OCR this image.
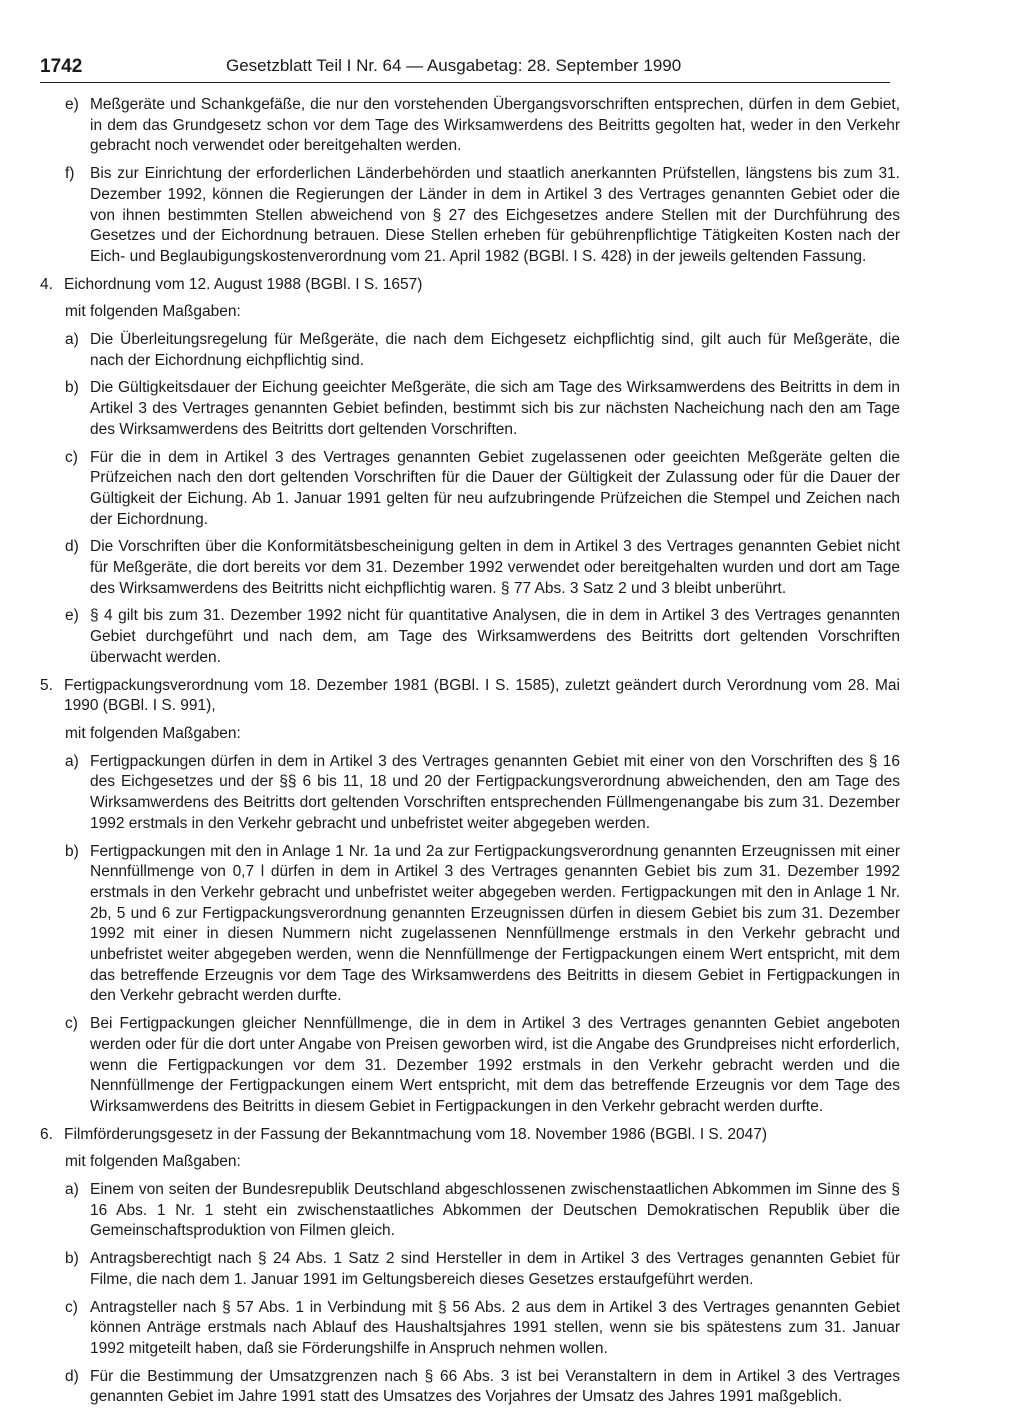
1742	Gesetzblatt Teil I Nr. 64 — Ausgabetag: 28. September 1990
e) Meßgeräte und Schankgefäße, die nur den vorstehenden Übergangsvorschriften entsprechen, dürfen in dem Gebiet, in dem das Grundgesetz schon vor dem Tage des Wirksamwerdens des Beitritts gegolten hat, weder in den Verkehr gebracht noch verwendet oder bereitgehalten werden.
f) Bis zur Einrichtung der erforderlichen Länderbehörden und staatlich anerkannten Prüfstellen, längstens bis zum 31. Dezember 1992, können die Regierungen der Länder in dem in Artikel 3 des Vertrages genannten Gebiet oder die von ihnen bestimmten Stellen abweichend von § 27 des Eichgesetzes andere Stellen mit der Durchführung des Gesetzes und der Eichordnung betrauen. Diese Stellen erheben für gebührenpflichtige Tätigkeiten Kosten nach der Eich- und Beglaubigungskostenverordnung vom 21. April 1982 (BGBl. I S. 428) in der jeweils geltenden Fassung.
4. Eichordnung vom 12. August 1988 (BGBl. I S. 1657)
mit folgenden Maßgaben:
a) Die Überleitungsregelung für Meßgeräte, die nach dem Eichgesetz eichpflichtig sind, gilt auch für Meßgeräte, die nach der Eichordnung eichpflichtig sind.
b) Die Gültigkeitsdauer der Eichung geeichter Meßgeräte, die sich am Tage des Wirksamwerdens des Beitritts in dem in Artikel 3 des Vertrages genannten Gebiet befinden, bestimmt sich bis zur nächsten Nacheichung nach den am Tage des Wirksamwerdens des Beitritts dort geltenden Vorschriften.
c) Für die in dem in Artikel 3 des Vertrages genannten Gebiet zugelassenen oder geeichten Meßgeräte gelten die Prüfzeichen nach den dort geltenden Vorschriften für die Dauer der Gültigkeit der Zulassung oder für die Dauer der Gültigkeit der Eichung. Ab 1. Januar 1991 gelten für neu aufzubringende Prüfzeichen die Stempel und Zeichen nach der Eichordnung.
d) Die Vorschriften über die Konformitätsbescheinigung gelten in dem in Artikel 3 des Vertrages genannten Gebiet nicht für Meßgeräte, die dort bereits vor dem 31. Dezember 1992 verwendet oder bereitgehalten wurden und dort am Tage des Wirksamwerdens des Beitritts nicht eichpflichtig waren. § 77 Abs. 3 Satz 2 und 3 bleibt unberührt.
e) § 4 gilt bis zum 31. Dezember 1992 nicht für quantitative Analysen, die in dem in Artikel 3 des Vertrages genannten Gebiet durchgeführt und nach dem, am Tage des Wirksamwerdens des Beitritts dort geltenden Vorschriften überwacht werden.
5. Fertigpackungsverordnung vom 18. Dezember 1981 (BGBl. I S. 1585), zuletzt geändert durch Verordnung vom 28. Mai 1990 (BGBl. I S. 991),
mit folgenden Maßgaben:
a) Fertigpackungen dürfen in dem in Artikel 3 des Vertrages genannten Gebiet mit einer von den Vorschriften des § 16 des Eichgesetzes und der §§ 6 bis 11, 18 und 20 der Fertigpackungsverordnung abweichenden, den am Tage des Wirksamwerdens des Beitritts dort geltenden Vorschriften entsprechenden Füllmengenangabe bis zum 31. Dezember 1992 erstmals in den Verkehr gebracht und unbefristet weiter abgegeben werden.
b) Fertigpackungen mit den in Anlage 1 Nr. 1a und 2a zur Fertigpackungsverordnung genannten Erzeugnissen mit einer Nennfüllmenge von 0,7 l dürfen in dem in Artikel 3 des Vertrages genannten Gebiet bis zum 31. Dezember 1992 erstmals in den Verkehr gebracht und unbefristet weiter abgegeben werden. Fertigpackungen mit den in Anlage 1 Nr. 2b, 5 und 6 zur Fertigpackungsverordnung genannten Erzeugnissen dürfen in diesem Gebiet bis zum 31. Dezember 1992 mit einer in diesen Nummern nicht zugelassenen Nennfüllmenge erstmals in den Verkehr gebracht und unbefristet weiter abgegeben werden, wenn die Nennfüllmenge der Fertigpackungen einem Wert entspricht, mit dem das betreffende Erzeugnis vor dem Tage des Wirksamwerdens des Beitritts in diesem Gebiet in Fertigpackungen in den Verkehr gebracht werden durfte.
c) Bei Fertigpackungen gleicher Nennfüllmenge, die in dem in Artikel 3 des Vertrages genannten Gebiet angeboten werden oder für die dort unter Angabe von Preisen geworben wird, ist die Angabe des Grundpreises nicht erforderlich, wenn die Fertigpackungen vor dem 31. Dezember 1992 erstmals in den Verkehr gebracht werden und die Nennfüllmenge der Fertigpackungen einem Wert entspricht, mit dem das betreffende Erzeugnis vor dem Tage des Wirksamwerdens des Beitritts in diesem Gebiet in Fertigpackungen in den Verkehr gebracht werden durfte.
6. Filmförderungsgesetz in der Fassung der Bekanntmachung vom 18. November 1986 (BGBl. I S. 2047)
mit folgenden Maßgaben:
a) Einem von seiten der Bundesrepublik Deutschland abgeschlossenen zwischenstaatlichen Abkommen im Sinne des § 16 Abs. 1 Nr. 1 steht ein zwischenstaatliches Abkommen der Deutschen Demokratischen Republik über die Gemeinschaftsproduktion von Filmen gleich.
b) Antragsberechtigt nach § 24 Abs. 1 Satz 2 sind Hersteller in dem in Artikel 3 des Vertrages genannten Gebiet für Filme, die nach dem 1. Januar 1991 im Geltungsbereich dieses Gesetzes erstaufgeführt werden.
c) Antragsteller nach § 57 Abs. 1 in Verbindung mit § 56 Abs. 2 aus dem in Artikel 3 des Vertrages genannten Gebiet können Anträge erstmals nach Ablauf des Haushaltsjahres 1991 stellen, wenn sie bis spätestens zum 31. Januar 1992 mitgeteilt haben, daß sie Förderungshilfe in Anspruch nehmen wollen.
d) Für die Bestimmung der Umsatzgrenzen nach § 66 Abs. 3 ist bei Veranstaltern in dem in Artikel 3 des Vertrages genannten Gebiet im Jahre 1991 statt des Umsatzes des Vorjahres der Umsatz des Jahres 1991 maßgeblich.
